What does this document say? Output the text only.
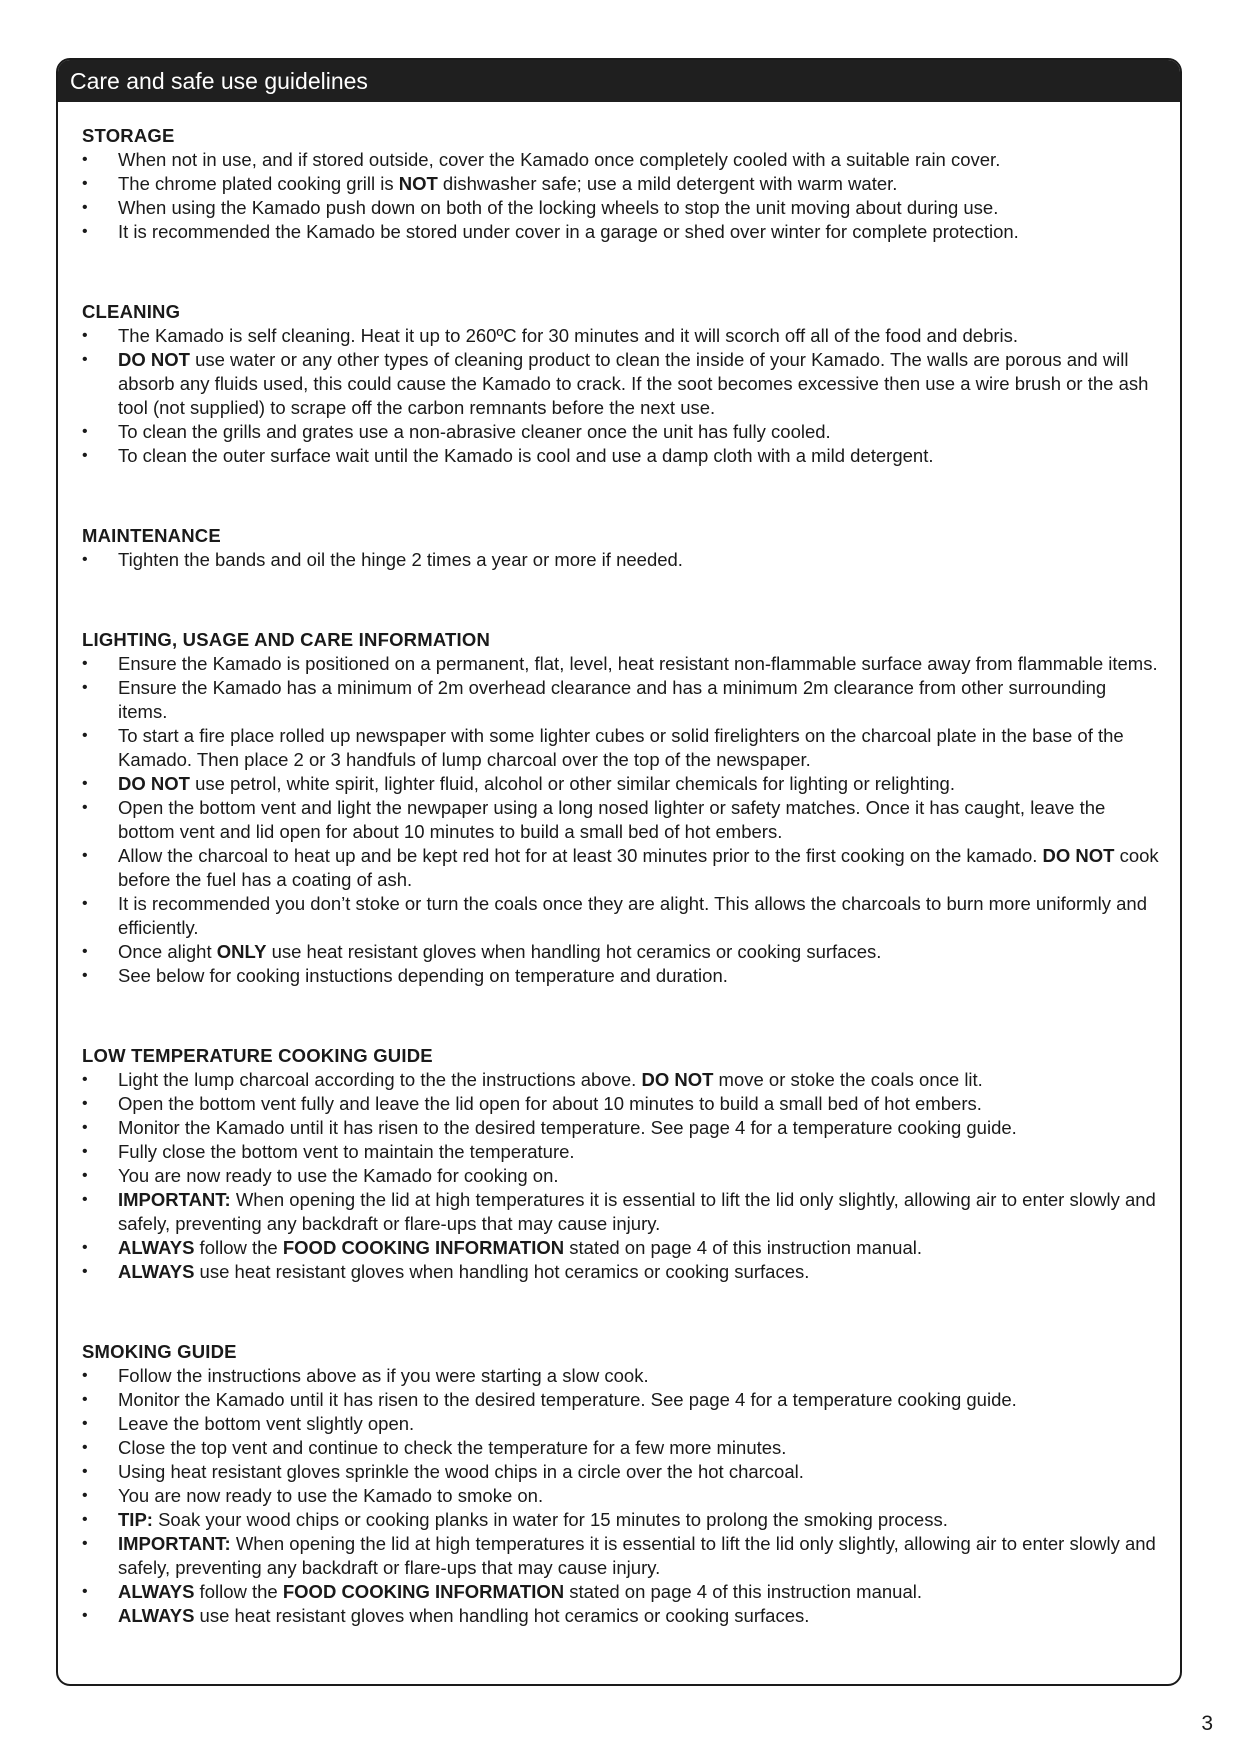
Care and safe use guidelines
STORAGE
• When not in use, and if stored outside, cover the Kamado once completely cooled with a suitable rain cover.
• The chrome plated cooking grill is NOT dishwasher safe; use a mild detergent with warm water.
• When using the Kamado push down on both of the locking wheels to stop the unit moving about during use.
• It is recommended the Kamado be stored under cover in a garage or shed over winter for complete protection.
CLEANING
• The Kamado is self cleaning. Heat it up to 260ºC for 30 minutes and it will scorch off all of the food and debris.
• DO NOT use water or any other types of cleaning product to clean the inside of your Kamado. The walls are porous and will absorb any fluids used, this could cause the Kamado to crack. If the soot becomes excessive then use a wire brush or the ash tool (not supplied) to scrape off the carbon remnants before the next use.
• To clean the grills and grates use a non-abrasive cleaner once the unit has fully cooled.
• To clean the outer surface wait until the Kamado is cool and use a damp cloth with a mild detergent.
MAINTENANCE
• Tighten the bands and oil the hinge 2 times a year or more if needed.
LIGHTING, USAGE AND CARE INFORMATION
• Ensure the Kamado is positioned on a permanent, flat, level, heat resistant non-flammable surface away from flammable items.
• Ensure the Kamado has a minimum of 2m overhead clearance and has a minimum 2m clearance from other surrounding items.
• To start a fire place rolled up newspaper with some lighter cubes or solid firelighters on the charcoal plate in the base of the Kamado. Then place 2 or 3 handfuls of lump charcoal over the top of the newspaper.
• DO NOT use petrol, white spirit, lighter fluid, alcohol or other similar chemicals for lighting or relighting.
• Open the bottom vent and light the newpaper using a long nosed lighter or safety matches. Once it has caught, leave the bottom vent and lid open for about 10 minutes to build a small bed of hot embers.
• Allow the charcoal to heat up and be kept red hot for at least 30 minutes prior to the first cooking on the kamado. DO NOT cook before the fuel has a coating of ash.
• It is recommended you don’t stoke or turn the coals once they are alight. This allows the charcoals to burn more uniformly and efficiently.
• Once alight ONLY use heat resistant gloves when handling hot ceramics or cooking surfaces.
• See below for cooking instuctions depending on temperature and duration.
LOW TEMPERATURE COOKING GUIDE
• Light the lump charcoal according to the the instructions above. DO NOT move or stoke the coals once lit.
• Open the bottom vent fully and leave the lid open for about 10 minutes to build a small bed of hot embers.
• Monitor the Kamado until it has risen to the desired temperature. See page 4 for a temperature cooking guide.
• Fully close the bottom vent to maintain the temperature.
• You are now ready to use the Kamado for cooking on.
• IMPORTANT: When opening the lid at high temperatures it is essential to lift the lid only slightly, allowing air to enter slowly and safely, preventing any backdraft or flare-ups that may cause injury.
• ALWAYS follow the FOOD COOKING INFORMATION stated on page 4 of this instruction manual.
• ALWAYS use heat resistant gloves when handling hot ceramics or cooking surfaces.
SMOKING GUIDE
• Follow the instructions above as if you were starting a slow cook.
• Monitor the Kamado until it has risen to the desired temperature. See page 4 for a temperature cooking guide.
• Leave the bottom vent slightly open.
• Close the top vent and continue to check the temperature for a few more minutes.
• Using heat resistant gloves sprinkle the wood chips in a circle over the hot charcoal.
• You are now ready to use the Kamado to smoke on.
• TIP: Soak your wood chips or cooking planks in water for 15 minutes to prolong the smoking process.
• IMPORTANT: When opening the lid at high temperatures it is essential to lift the lid only slightly, allowing air to enter slowly and safely, preventing any backdraft or flare-ups that may cause injury.
• ALWAYS follow the FOOD COOKING INFORMATION stated on page 4 of this instruction manual.
• ALWAYS use heat resistant gloves when handling hot ceramics or cooking surfaces.
3
